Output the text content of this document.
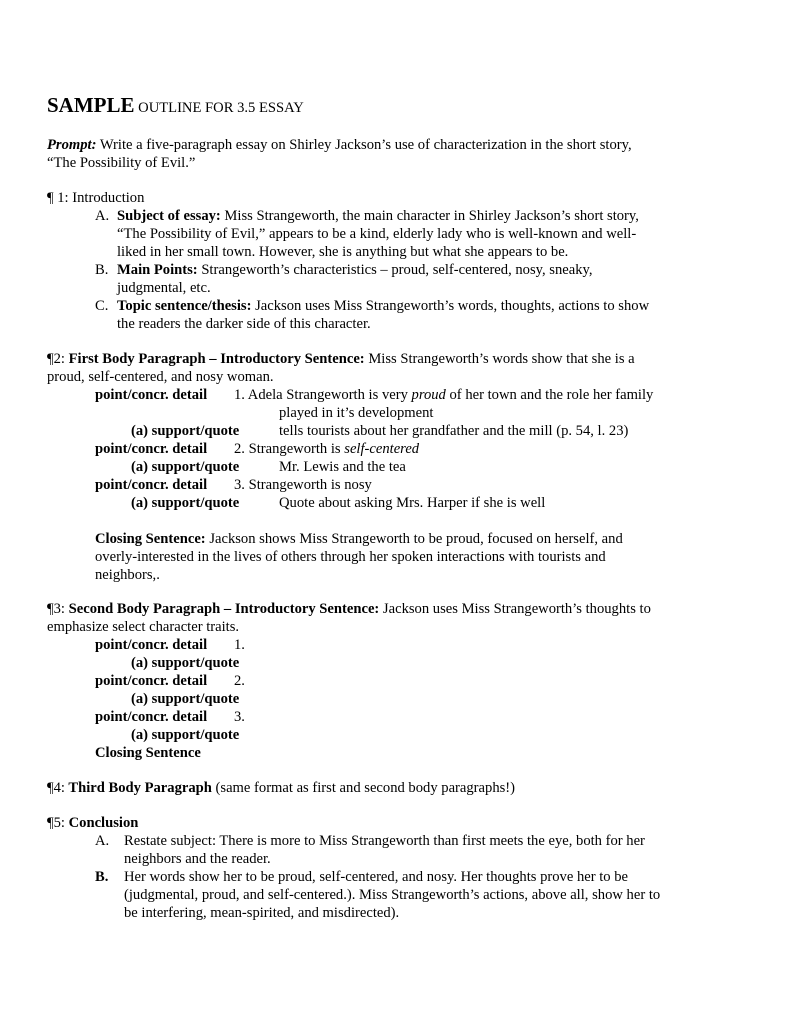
SAMPLE OUTLINE FOR 3.5 ESSAY
Prompt: Write a five-paragraph essay on Shirley Jackson’s use of characterization in the short story,
“The Possibility of Evil.”
¶ 1: Introduction
A. Subject of essay: Miss Strangeworth, the main character in Shirley Jackson’s short story,
“The Possibility of Evil,” appears to be a kind, elderly lady who is well-known and well-
liked in her small town. However, she is anything but what she appears to be.
B. Main Points: Strangeworth’s characteristics – proud, self-centered, nosy, sneaky,
judgmental, etc.
C. Topic sentence/thesis: Jackson uses Miss Strangeworth’s words, thoughts, actions to show
the readers the darker side of this character.
¶2: First Body Paragraph – Introductory Sentence: Miss Strangeworth’s words show that she is a
proud, self-centered, and nosy woman.
point/concr. detail 1. Adela Strangeworth is very proud of her town and the role her family
played in it’s development
(a) support/quote	tells tourists about her grandfather and the mill (p. 54, l. 23)
point/concr. detail 2. Strangeworth is self-centered
(a) support/quote	Mr. Lewis and the tea
point/concr. detail 3. Strangeworth is nosy
(a) support/quote	Quote about asking Mrs. Harper if she is well
Closing Sentence: Jackson shows Miss Strangeworth to be proud, focused on herself, and
overly-interested in the lives of others through her spoken interactions with tourists and
neighbors,.
¶3: Second Body Paragraph – Introductory Sentence: Jackson uses Miss Strangeworth’s thoughts to
emphasize select character traits.
point/concr. detail 1.
(a) support/quote
point/concr. detail 2.
(a) support/quote
point/concr. detail 3.
(a) support/quote
Closing Sentence
¶4: Third Body Paragraph (same format as first and second body paragraphs!)
¶5: Conclusion
A. Restate subject: There is more to Miss Strangeworth than first meets the eye, both for her
neighbors and the reader.
B. Her words show her to be proud, self-centered, and nosy. Her thoughts prove her to be
(judgmental, proud, and self-centered.). Miss Strangeworth’s actions, above all, show her to
be interfering, mean-spirited, and misdirected).
